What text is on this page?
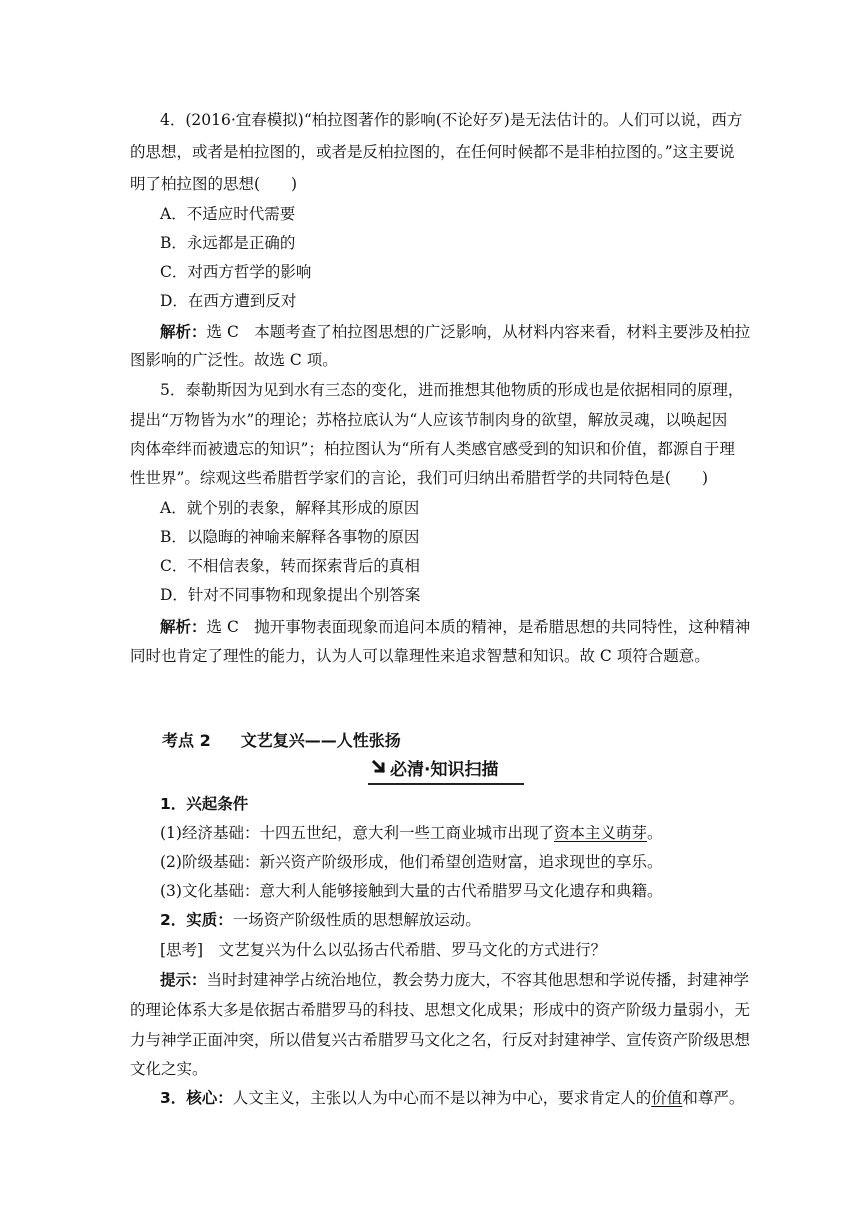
4．(2016·宜春模拟)“柏拉图著作的影响(不论好歹)是无法估计的。人们可以说，西方
的思想，或者是柏拉图的，或者是反柏拉图的，在任何时候都不是非柏拉图的。”这主要说
明了柏拉图的思想(　　)
A．不适应时代需要
B．永远都是正确的
C．对西方哲学的影响
D．在西方遭到反对
解析：选 C　本题考查了柏拉图思想的广泛影响，从材料内容来看，材料主要涉及柏拉
图影响的广泛性。故选 C 项。
5．泰勒斯因为见到水有三态的变化，进而推想其他物质的形成也是依据相同的原理，
提出“万物皆为水”的理论；苏格拉底认为“人应该节制肉身的欲望，解放灵魂，以唤起因
肉体牵绊而被遗忘的知识”；柏拉图认为“所有人类感官感受到的知识和价值，都源自于理
性世界”。综观这些希腊哲学家们的言论，我们可归纳出希腊哲学的共同特色是(　　)
A．就个别的表象，解释其形成的原因
B．以隐晦的神喻来解释各事物的原因
C．不相信表象，转而探索背后的真相
D．针对不同事物和现象提出个别答案
解析：选 C　抛开事物表面现象而追问本质的精神，是希腊思想的共同特性，这种精神
同时也肯定了理性的能力，认为人可以靠理性来追求智慧和知识。故 C 项符合题意。
考点 2 文艺复兴——人性张扬
必清·知识扫描
1．兴起条件
(1)经济基础：十四五世纪，意大利一些工商业城市出现了资本主义萌芽。
(2)阶级基础：新兴资产阶级形成，他们希望创造财富，追求现世的享乐。
(3)文化基础：意大利人能够接触到大量的古代希腊罗马文化遗存和典籍。
2．实质：一场资产阶级性质的思想解放运动。
[思考]　文艺复兴为什么以弘扬古代希腊、罗马文化的方式进行？
提示：当时封建神学占统治地位，教会势力庞大，不容其他思想和学说传播，封建神学
的理论体系大多是依据古希腊罗马的科技、思想文化成果；形成中的资产阶级力量弱小，无
力与神学正面冲突，所以借复兴古希腊罗马文化之名，行反对封建神学、宣传资产阶级思想
文化之实。
3．核心：人文主义，主张以人为中心而不是以神为中心，要求肯定人的价值和尊严。
